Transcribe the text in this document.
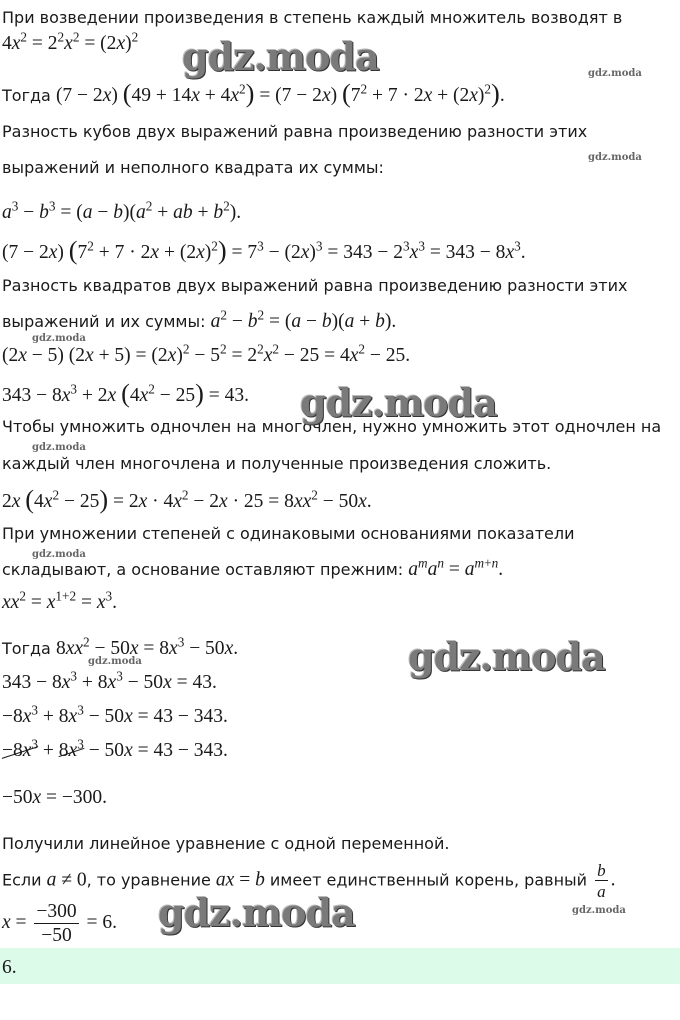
При возведении произведения в степень каждый множитель возводят в
$4x^2 = 2^2x^2 = (2x)^2$
Тогда (7 − 2x) $(49 + 14x + 4x^2) = (7 - 2x)$ $(7^2 + 7 \cdot 2x + (2x)^2)$.
Разность кубов двух выражений равна произведению разности этих
выражений и неполного квадрата их суммы:
$a^3 - b^3 = (a - b)(a^2$ + ab + $b^2$).
(7 − 2x) $(7^2 + 7 \cdot 2x + (2x)^2) = 7^3 - (2x)^3 = 343 - 2^3x^3 = 343 - 8x^3$.
Разность квадратов двух выражений равна произведению разности этих
выражений и их суммы: $a^2 - b^2 = (a - b)(a + b)$.
(2x − 5) $(2x + 5) = (2x)^2 - 5^2 = 2^2x^2 - 25 = 4x^2 - 25$.
$343 - 8x^3 + 2x$ $(4x^2 - 25) = 43$.
Чтобы умножить одночлен на многочлен, нужно умножить этот одночлен на
каждый член многочлена и полученные произведения сложить.
2x $(4x^2 - 25) = 2x \cdot 4x^2 - 2x \cdot 25 = 8xx^2 - 50x$.
При умножении степеней с одинаковыми основаниями показатели
складывают, а основание оставляют прежним: $a^ma^n = a^{m+n}$.
$xx^2 = x^{1+2} = x^3$.
Тогда $8xx^2 - 50x = 8x^3 - 50x$.
$343 - 8x^3 + 8x^3 - 50x = 43$.
$-8x^3 + 8x^3 - 50x = 43 - 343$.
$-8x^3 + 8x^3 - 50x = 43 - 343$.
−50x = −300.
Получили линейное уравнение с одной переменной.
Если a ≠ 0, то уравнение ax = b имеет единственный корень, равный $\frac{b}{a}$ .
$x = \frac{-300}{-50} = 6$.
6.
gdz.moda	gdz.moda
gdz.moda
gdz.moda
gdz.moda
gdz.moda
gdz.moda
gdz.moda
gdz.moda
gdz.moda	gdz.moda
